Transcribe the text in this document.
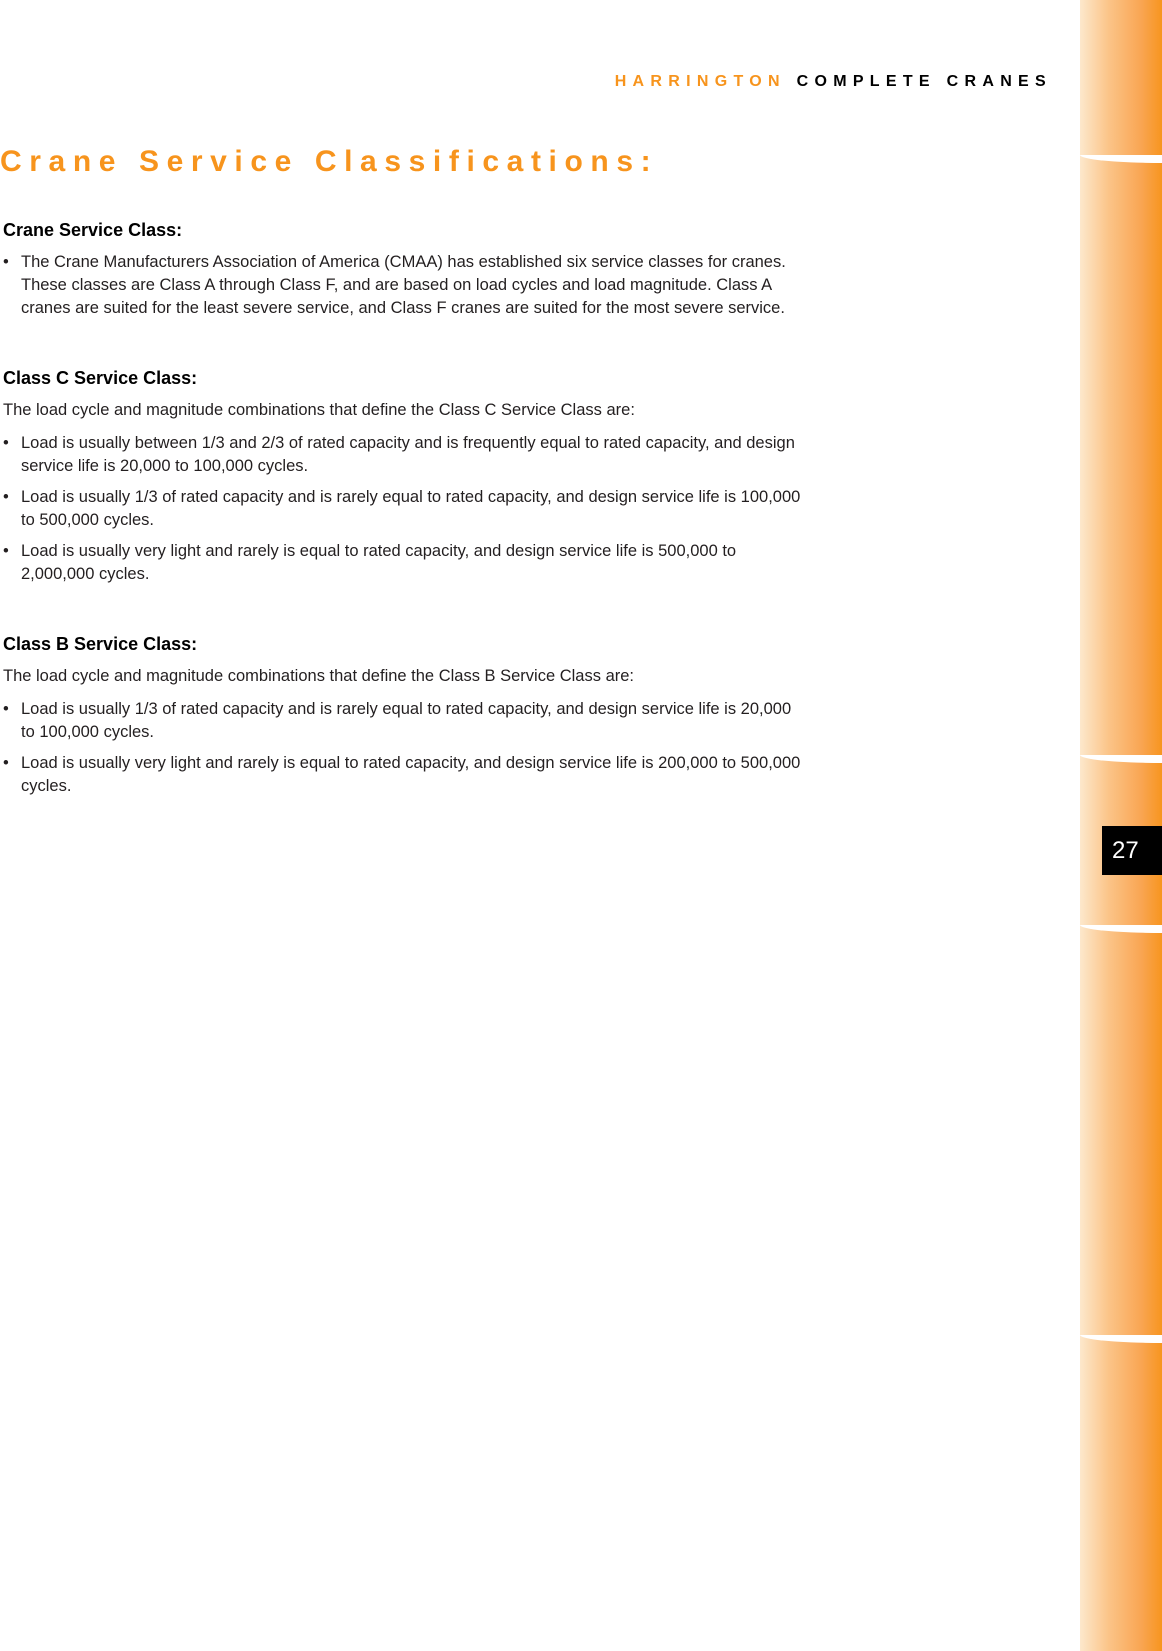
HARRINGTON COMPLETE CRANES
Crane Service Classifications:
Crane Service Class:
• The Crane Manufacturers Association of America (CMAA) has established six service classes for cranes. These classes are Class A through Class F, and are based on load cycles and load magnitude. Class A cranes are suited for the least severe service, and Class F cranes are suited for the most severe service.
Class C Service Class:

The load cycle and magnitude combinations that define the Class C Service Class are:

• Load is usually between 1/3 and 2/3 of rated capacity and is frequently equal to rated capacity, and design service life is 20,000 to 100,000 cycles.
• Load is usually 1/3 of rated capacity and is rarely equal to rated capacity, and design service life is 100,000 to 500,000 cycles.
• Load is usually very light and rarely is equal to rated capacity, and design service life is 500,000 to 2,000,000 cycles.
Class B Service Class:

The load cycle and magnitude combinations that define the Class B Service Class are:

• Load is usually 1/3 of rated capacity and is rarely equal to rated capacity, and design service life is 20,000 to 100,000 cycles.
• Load is usually very light and rarely is equal to rated capacity, and design service life is 200,000 to 500,000 cycles.
27
